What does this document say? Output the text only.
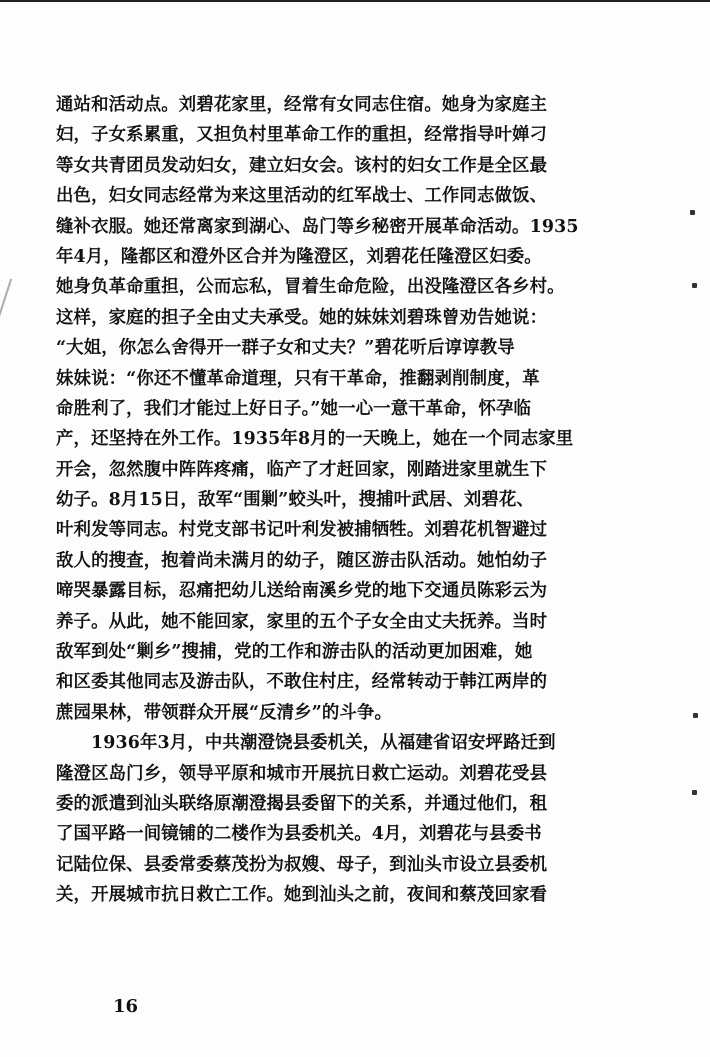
通站和活动点。刘碧花家里，经常有女同志住宿。她身为家庭主
妇，子女系累重，又担负村里革命工作的重担，经常指导叶婵刁
等女共青团员发动妇女，建立妇女会。该村的妇女工作是全区最
出色，妇女同志经常为来这里活动的红军战士、工作同志做饭、
缝补衣服。她还常离家到湖心、岛门等乡秘密开展革命活动。1935
年4月，隆都区和澄外区合并为隆澄区，刘碧花任隆澄区妇委。
她身负革命重担，公而忘私，冒着生命危险，出没隆澄区各乡村。
这样，家庭的担子全由丈夫承受。她的妹妹刘碧珠曾劝告她说：
“大姐，你怎么舍得开一群子女和丈夫？”碧花听后谆谆教导
妹妹说：“你还不懂革命道理，只有干革命，推翻剥削制度，革
命胜利了，我们才能过上好日子。”她一心一意干革命，怀孕临
产，还坚持在外工作。1935年8月的一天晚上，她在一个同志家里
开会，忽然腹中阵阵疼痛，临产了才赶回家，刚踏进家里就生下
幼子。8月15日，敌军“围剿”蛟头叶，搜捕叶武居、刘碧花、
叶利发等同志。村党支部书记叶利发被捕牺牲。刘碧花机智避过
敌人的搜查，抱着尚未满月的幼子，随区游击队活动。她怕幼子
啼哭暴露目标，忍痛把幼儿送给南溪乡党的地下交通员陈彩云为
养子。从此，她不能回家，家里的五个子女全由丈夫抚养。当时
敌军到处“剿乡”搜捕，党的工作和游击队的活动更加困难，她
和区委其他同志及游击队，不敢住村庄，经常转动于韩江两岸的
蔗园果林，带领群众开展“反清乡”的斗争。
1936年3月，中共潮澄饶县委机关，从福建省诏安坪路迁到
隆澄区岛门乡，领导平原和城市开展抗日救亡运动。刘碧花受县
委的派遣到汕头联络原潮澄揭县委留下的关系，并通过他们，租
了国平路一间镜铺的二楼作为县委机关。4月，刘碧花与县委书
记陆位保、县委常委蔡茂扮为叔嫂、母子，到汕头市设立县委机
关，开展城市抗日救亡工作。她到汕头之前，夜间和蔡茂回家看
16
